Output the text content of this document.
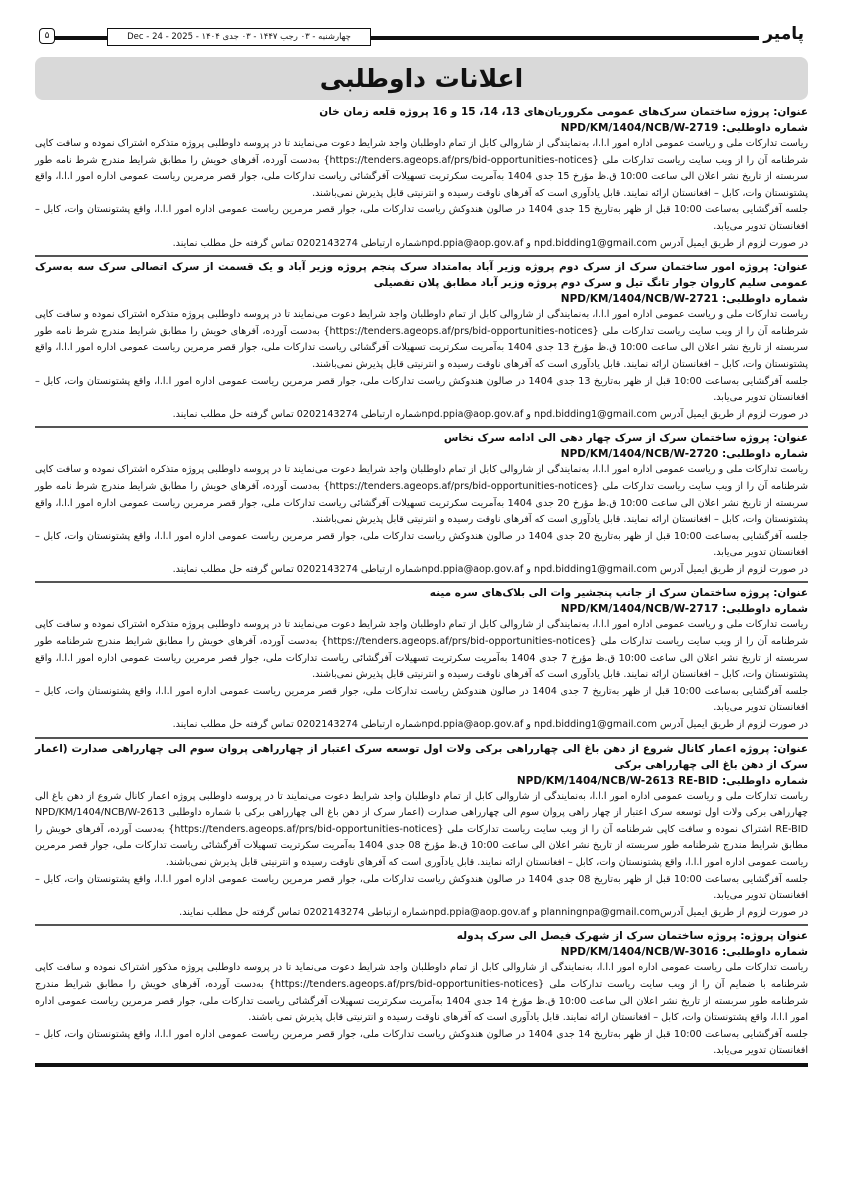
پامیر
چهارشنبه - ۰۳ رجب ۱۴۴۷ - ۰۳ جدی ۱۴۰۴ - 2025 - 24 - Dec
۵
اعلانات داوطلبی
عنوان: پروژه ساختمان سرک‌های عمومی مکروریان‌های 13، 14، 15 و 16 پروژه قلعه زمان خان
شماره داوطلبی: NPD/KM/1404/NCB/W-2719
ریاست تدارکات ملی و ریاست عمومی اداره امور ا.ا.ا، به‌نمایندگی از شاروالی کابل از تمام داوطلبان واجد شرایط دعوت می‌نمایند تا در پروسه داوطلبی پروژه متذکره اشتراک نموده و سافت کاپی شرطنامه آن را از ویب سایت ریاست تدارکات ملی {https://tenders.ageops.af/prs/bid-opportunities-notices} به‌دست آورده، آفرهای خویش را مطابق شرایط مندرج شرط نامه طور سربسته از تاریخ نشر اعلان الی ساعت 10:00 ق.ظ مؤرخ 15 جدی 1404 به‌آمریت سکرتریت تسهیلات آفرگشائی ریاست تدارکات ملی، جوار قصر مرمرین ریاست عمومی اداره امور ا.ا.ا، واقع پشتونستان وات، کابل – افغانستان ارائه نمایند. قابل یادآوری است که آفرهای ناوقت رسیده و انترنیتی قابل پذیرش نمی‌باشند.
جلسه آفرگشایی به‌ساعت 10:00 قبل از ظهر به‌تاریخ 15 جدی 1404 در صالون هندوکش ریاست تدارکات ملی، جوار قصر مرمرین ریاست عمومی اداره امور ا.ا.ا، واقع پشتونستان وات، کابل – افغانستان تدویر می‌یابد.
در صورت لزوم از طریق ایمیل آدرس npd.bidding1@gmail.com و npd.ppia@aop.gov.afشماره ارتباطی 0202143274 تماس گرفته حل مطلب نمایند.
عنوان: پروژه امور ساختمان سرک از سرک دوم پروژه وزیر آباد به‌امتداد سرک پنجم پروژه وزیر آباد و یک قسمت از سرک اتصالی سرک سه به‌سرک عمومی سلیم کاروان جوار تانگ تیل و سرک دوم پروژه وزیر آباد مطابق پلان تفصیلی
شماره داوطلبی: NPD/KM/1404/NCB/W-2721
ریاست تدارکات ملی و ریاست عمومی اداره امور ا.ا.ا، به‌نمایندگی از شاروالی کابل از تمام داوطلبان واجد شرایط دعوت می‌نمایند تا در پروسه داوطلبی پروژه متذکره اشتراک نموده و سافت کاپی شرطنامه آن را از ویب سایت ریاست تدارکات ملی {https://tenders.ageops.af/prs/bid-opportunities-notices} به‌دست آورده، آفرهای خویش را مطابق شرایط مندرج شرط نامه طور سربسته از تاریخ نشر اعلان الی ساعت 10:00 ق.ظ مؤرخ 13 جدی 1404 به‌آمریت سکرتریت تسهیلات آفرگشائی ریاست تدارکات ملی، جوار قصر مرمرین ریاست عمومی اداره امور ا.ا.ا، واقع پشتونستان وات، کابل – افغانستان ارائه نمایند. قابل یادآوری است که آفرهای ناوقت رسیده و انترنیتی قابل پذیرش نمی‌باشند.
جلسه آفرگشایی به‌ساعت 10:00 قبل از ظهر به‌تاریخ 13 جدی 1404 در صالون هندوکش ریاست تدارکات ملی، جوار قصر مرمرین ریاست عمومی اداره امور ا.ا.ا، واقع پشتونستان وات، کابل – افغانستان تدویر می‌یابد.
در صورت لزوم از طریق ایمیل آدرس npd.bidding1@gmail.com و npd.ppia@aop.gov.afشماره ارتباطی 0202143274 تماس گرفته حل مطلب نمایند.
عنوان: پروژه ساختمان سرک از سرک چهار دهی الی ادامه سرک نخاس
شماره داوطلبی: NPD/KM/1404/NCB/W-2720
ریاست تدارکات ملی و ریاست عمومی اداره امور ا.ا.ا، به‌نمایندگی از شاروالی کابل از تمام داوطلبان واجد شرایط دعوت می‌نمایند تا در پروسه داوطلبی پروژه متذکره اشتراک نموده و سافت کاپی شرطنامه آن را از ویب سایت ریاست تدارکات ملی {https://tenders.ageops.af/prs/bid-opportunities-notices} به‌دست آورده، آفرهای خویش را مطابق شرایط مندرج شرط نامه طور سربسته از تاریخ نشر اعلان الی ساعت 10:00 ق.ظ مؤرخ 20 جدی 1404 به‌آمریت سکرتریت تسهیلات آفرگشائی ریاست تدارکات ملی، جوار قصر مرمرین ریاست عمومی اداره امور ا.ا.ا، واقع پشتونستان وات، کابل – افغانستان ارائه نمایند. قابل یادآوری است که آفرهای ناوقت رسیده و انترنیتی قابل پذیرش نمی‌باشند.
جلسه آفرگشایی به‌ساعت 10:00 قبل از ظهر به‌تاریخ 20 جدی 1404 در صالون هندوکش ریاست تدارکات ملی، جوار قصر مرمرین ریاست عمومی اداره امور ا.ا.ا، واقع پشتونستان وات، کابل – افغانستان تدویر می‌یابد.
در صورت لزوم از طریق ایمیل آدرس npd.bidding1@gmail.com و npd.ppia@aop.gov.afشماره ارتباطی 0202143274 تماس گرفته حل مطلب نمایند.
عنوان: پروژه ساختمان سرک از جانب پنجشیر وات الی بلاک‌های سره مینه
شماره داوطلبی: NPD/KM/1404/NCB/W-2717
ریاست تدارکات ملی و ریاست عمومی اداره امور ا.ا.ا، به‌نمایندگی از شاروالی کابل از تمام داوطلبان واجد شرایط دعوت می‌نمایند تا در پروسه داوطلبی پروژه متذکره اشتراک نموده و سافت کاپی شرطنامه آن را از ویب سایت ریاست تدارکات ملی {https://tenders.ageops.af/prs/bid-opportunities-notices} به‌دست آورده، آفرهای خویش را مطابق شرایط مندرج شرطنامه طور سربسته از تاریخ نشر اعلان الی ساعت 10:00 ق.ظ مؤرخ 7 جدی 1404 به‌آمریت سکرتریت تسهیلات آفرگشائی ریاست تدارکات ملی، جوار قصر مرمرین ریاست عمومی اداره امور ا.ا.ا، واقع پشتونستان وات، کابل – افغانستان ارائه نمایند. قابل یادآوری است که آفرهای ناوقت رسیده و انترنیتی قابل پذیرش نمی‌باشند.
جلسه آفرگشایی به‌ساعت 10:00 قبل از ظهر به‌تاریخ 7 جدی 1404 در صالون هندوکش ریاست تدارکات ملی، جوار قصر مرمرین ریاست عمومی اداره امور ا.ا.ا، واقع پشتونستان وات، کابل – افغانستان تدویر می‌یابد.
در صورت لزوم از طریق ایمیل آدرس npd.bidding1@gmail.com و npd.ppia@aop.gov.afشماره ارتباطی 0202143274 تماس گرفته حل مطلب نمایند.
عنوان: پروژه اعمار کانال شروع از دهن باغ الی چهارراهی برکی ولات اول توسعه سرک اعتبار از چهارراهی پروان سوم الی چهارراهی صدارت (اعمار سرک از دهن باغ الی چهارراهی برکی
شماره داوطلبی: NPD/KM/1404/NCB/W-2613 RE-BID
ریاست تدارکات ملی و ریاست عمومی اداره امور ا.ا.ا، به‌نمایندگی از شاروالی کابل از تمام داوطلبان واجد شرایط دعوت می‌نمایند تا در پروسه داوطلبی پروژه اعمار کانال شروع از دهن باغ الی چهارراهی برکی ولات اول توسعه سرک اعتبار از چهار راهی پروان سوم الی چهارراهی صدارت (اعمار سرک از دهن باغ الی چهارراهی برکی با شماره داوطلبی NPD/KM/1404/NCB/W-2613 RE-BID اشتراک نموده و سافت کاپی شرطنامه آن را از ویب سایت ریاست تدارکات ملی {https://tenders.ageops.af/prs/bid-opportunities-notices} به‌دست آورده، آفرهای خویش را مطابق شرایط مندرج شرطنامه طور سربسته از تاریخ نشر اعلان الی ساعت 10:00 ق.ظ مؤرخ 08 جدی 1404 به‌آمریت سکرتریت تسهیلات آفرگشائی ریاست تدارکات ملی، جوار قصر مرمرین ریاست عمومی اداره امور ا.ا.ا، واقع پشتونستان وات، کابل – افغانستان ارائه نمایند. قابل یادآوری است که آفرهای ناوقت رسیده و انترنیتی قابل پذیرش نمی‌باشند.
جلسه آفرگشایی به‌ساعت 10:00 قبل از ظهر به‌تاریخ 08 جدی 1404 در صالون هندوکش ریاست تدارکات ملی، جوار قصر مرمرین ریاست عمومی اداره امور ا.ا.ا، واقع پشتونستان وات، کابل – افغانستان تدویر می‌یابد.
در صورت لزوم از طریق ایمیل آدرسplanningnpa@gmail.com و npd.ppia@aop.gov.afشماره ارتباطی 0202143274 تماس گرفته حل مطلب نمایند.
عنوان پروژه: پروژه ساختمان سرک از شهرک فیصل الی سرک پدوله
شماره داوطلبی: NPD/KM/1404/NCB/W-3016
ریاست تدارکات ملی ریاست عمومی اداره امور ا.ا.ا، به‌نمایندگی از شاروالی کابل از تمام داوطلبان واجد شرایط دعوت می‌نماید تا در پروسه داوطلبی پروژه مذکور اشتراک نموده و سافت کاپی شرطنامه با ضمایم آن را از ویب سایت ریاست تدارکات ملی {https://tenders.ageops.af/prs/bid-opportunities-notices} به‌دست آورده، آفرهای خویش را مطابق شرایط مندرج شرطنامه طور سربسته از تاریخ نشر اعلان الی ساعت 10:00 ق.ظ مؤرخ 14 جدی 1404 به‌آمریت سکرتریت تسهیلات آفرگشائی ریاست تدارکات ملی، جوار قصر مرمرین ریاست عمومی اداره امور ا.ا.ا، واقع پشتونستان وات، کابل – افغانستان ارائه نمایند. قابل یادآوری است که آفرهای ناوقت رسیده و انترنیتی قابل پذیرش نمی باشند.
جلسه آفرگشایی به‌ساعت 10:00 قبل از ظهر به‌تاریخ 14 جدی 1404 در صالون هندوکش ریاست تدارکات ملی، جوار قصر مرمرین ریاست عمومی اداره امور ا.ا.ا، واقع پشتونستان وات، کابل – افغانستان تدویر می‌یابد.
